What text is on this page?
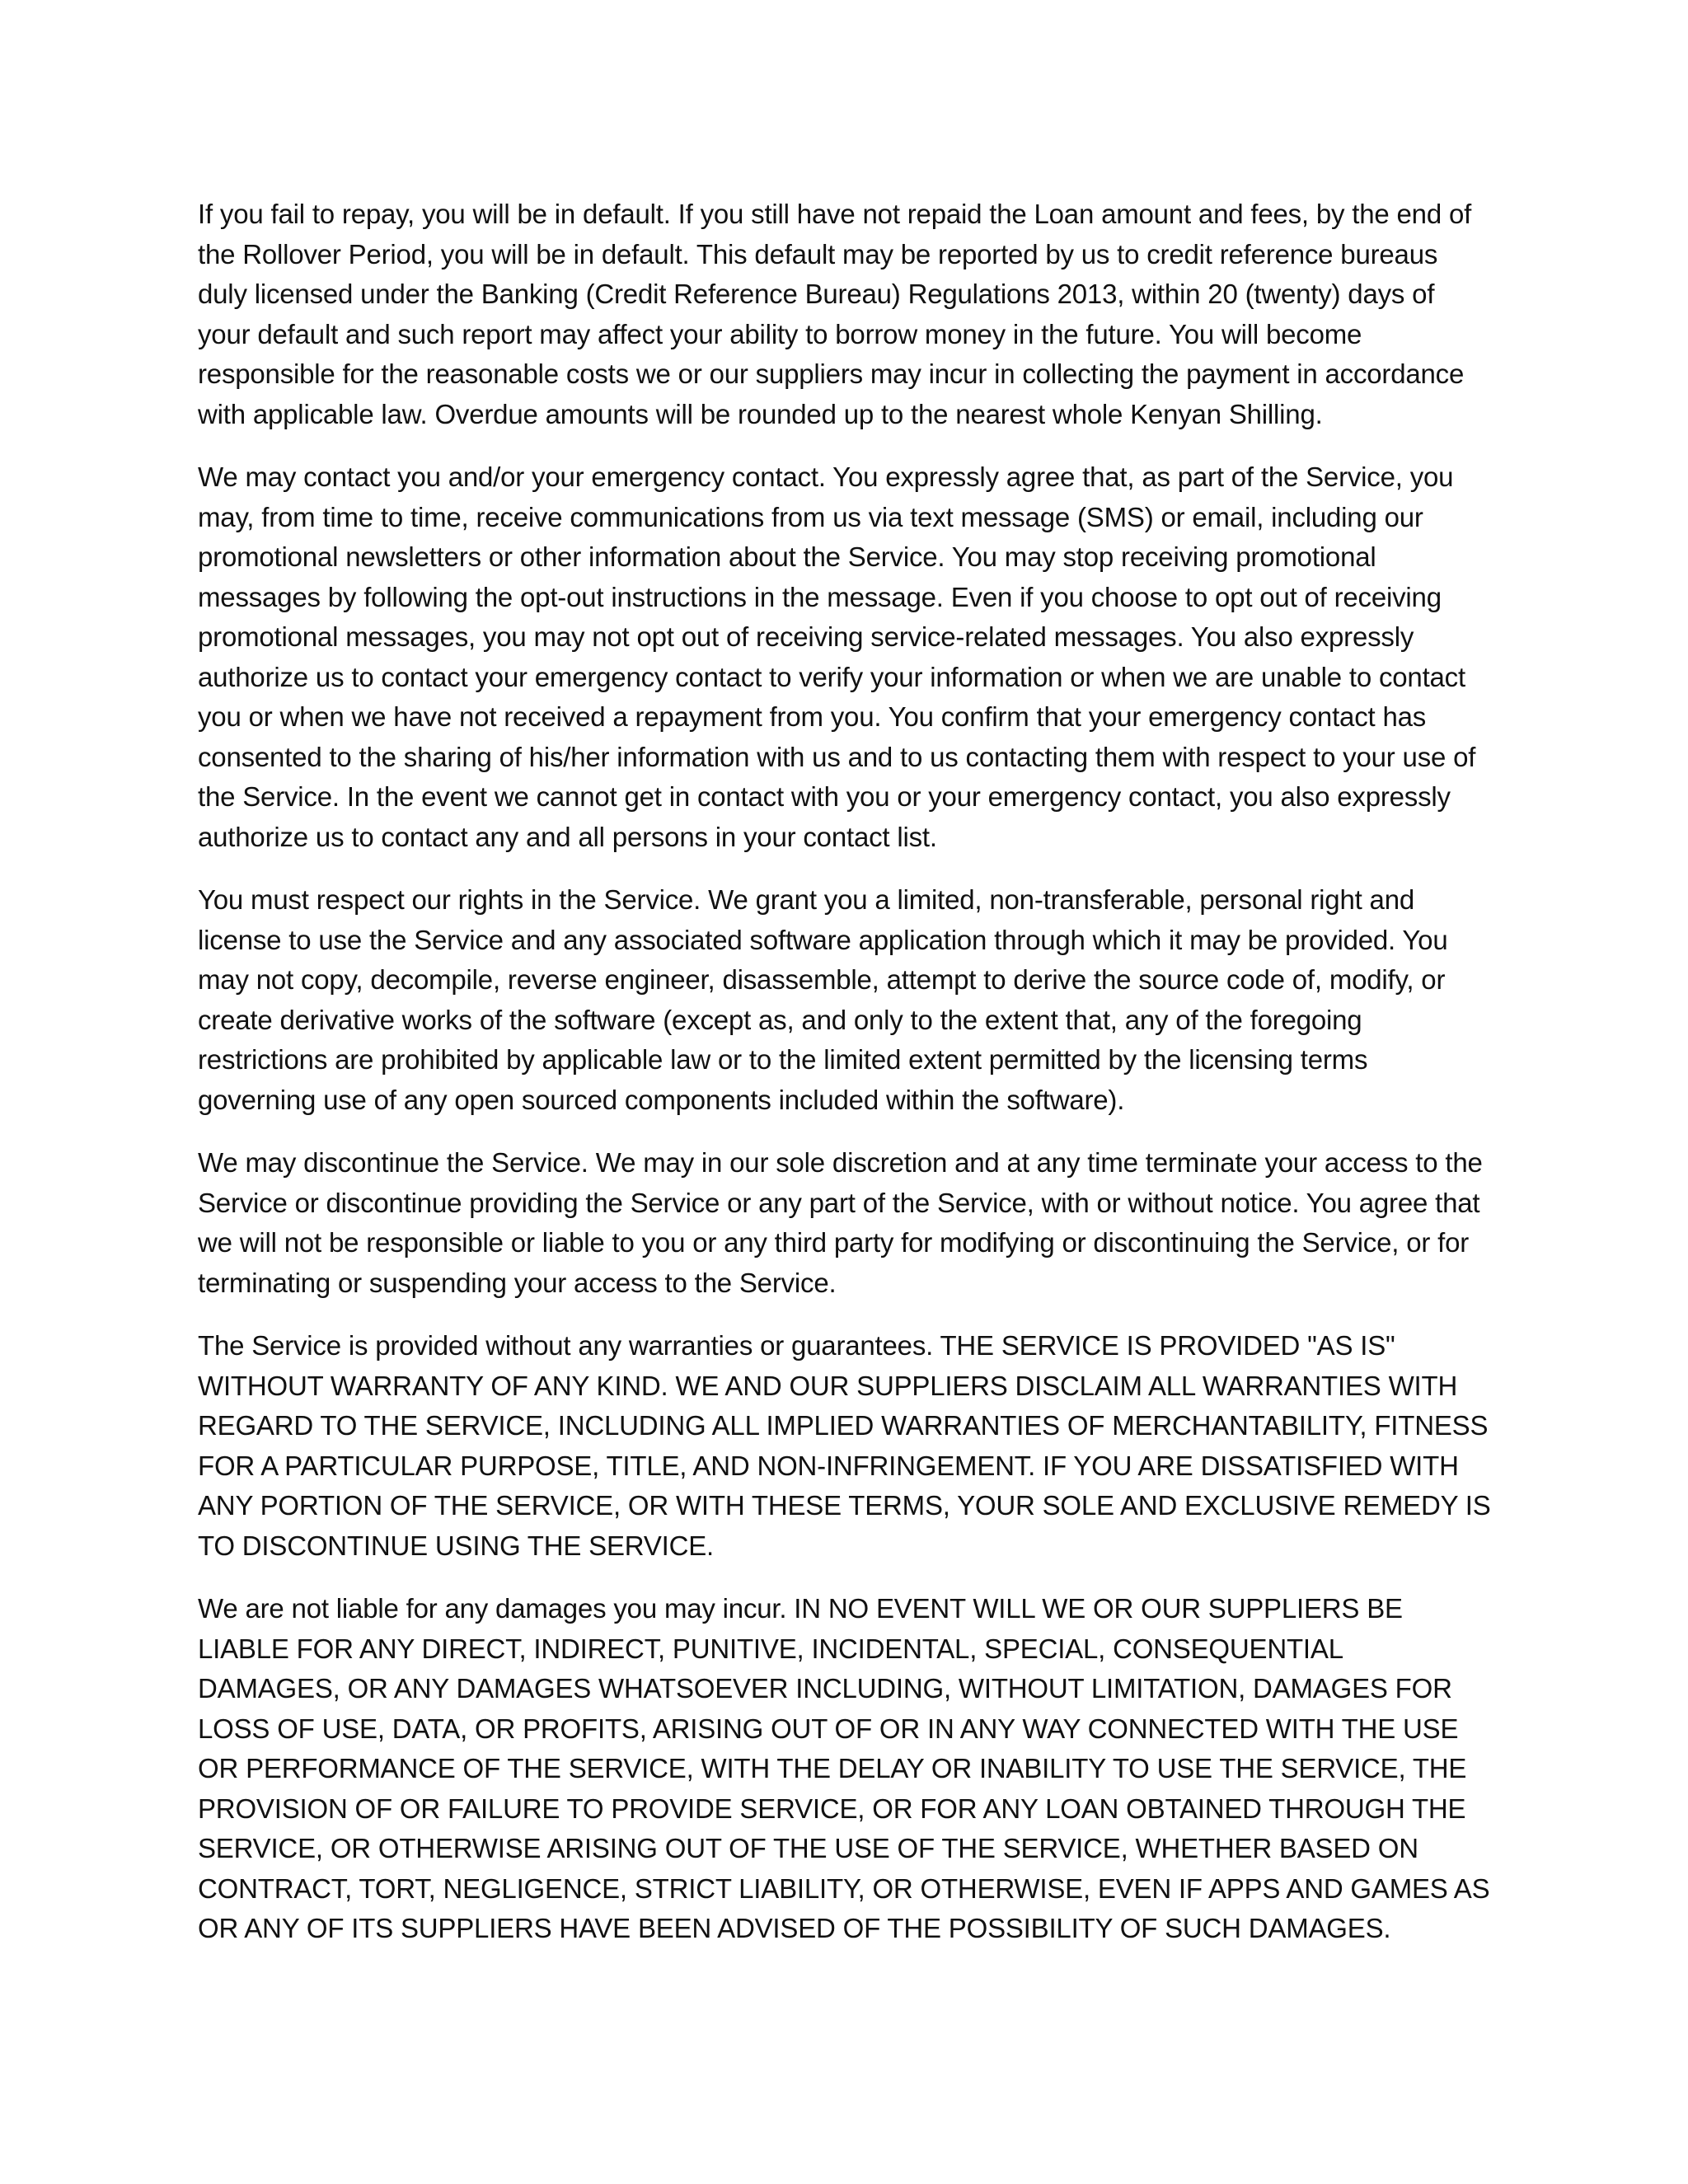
If you fail to repay, you will be in default. If you still have not repaid the Loan amount and fees, by the end of the Rollover Period, you will be in default. This default may be reported by us to credit reference bureaus duly licensed under the Banking (Credit Reference Bureau) Regulations 2013, within 20 (twenty) days of your default and such report may affect your ability to borrow money in the future. You will become responsible for the reasonable costs we or our suppliers may incur in collecting the payment in accordance with applicable law. Overdue amounts will be rounded up to the nearest whole Kenyan Shilling.

We may contact you and/or your emergency contact. You expressly agree that, as part of the Service, you may, from time to time, receive communications from us via text message (SMS) or email, including our promotional newsletters or other information about the Service. You may stop receiving promotional messages by following the opt-out instructions in the message. Even if you choose to opt out of receiving promotional messages, you may not opt out of receiving service-related messages. You also expressly authorize us to contact your emergency contact to verify your information or when we are unable to contact you or when we have not received a repayment from you. You confirm that your emergency contact has consented to the sharing of his/her information with us and to us contacting them with respect to your use of the Service. In the event we cannot get in contact with you or your emergency contact, you also expressly authorize us to contact any and all persons in your contact list.

You must respect our rights in the Service. We grant you a limited, non-transferable, personal right and license to use the Service and any associated software application through which it may be provided. You may not copy, decompile, reverse engineer, disassemble, attempt to derive the source code of, modify, or create derivative works of the software (except as, and only to the extent that, any of the foregoing restrictions are prohibited by applicable law or to the limited extent permitted by the licensing terms governing use of any open sourced components included within the software).

We may discontinue the Service. We may in our sole discretion and at any time terminate your access to the Service or discontinue providing the Service or any part of the Service, with or without notice. You agree that we will not be responsible or liable to you or any third party for modifying or discontinuing the Service, or for terminating or suspending your access to the Service.

The Service is provided without any warranties or guarantees. THE SERVICE IS PROVIDED "AS IS" WITHOUT WARRANTY OF ANY KIND. WE AND OUR SUPPLIERS DISCLAIM ALL WARRANTIES WITH REGARD TO THE SERVICE, INCLUDING ALL IMPLIED WARRANTIES OF MERCHANTABILITY, FITNESS FOR A PARTICULAR PURPOSE, TITLE, AND NON-INFRINGEMENT. IF YOU ARE DISSATISFIED WITH ANY PORTION OF THE SERVICE, OR WITH THESE TERMS, YOUR SOLE AND EXCLUSIVE REMEDY IS TO DISCONTINUE USING THE SERVICE.

We are not liable for any damages you may incur. IN NO EVENT WILL WE OR OUR SUPPLIERS BE LIABLE FOR ANY DIRECT, INDIRECT, PUNITIVE, INCIDENTAL, SPECIAL, CONSEQUENTIAL DAMAGES, OR ANY DAMAGES WHATSOEVER INCLUDING, WITHOUT LIMITATION, DAMAGES FOR LOSS OF USE, DATA, OR PROFITS, ARISING OUT OF OR IN ANY WAY CONNECTED WITH THE USE OR PERFORMANCE OF THE SERVICE, WITH THE DELAY OR INABILITY TO USE THE SERVICE, THE PROVISION OF OR FAILURE TO PROVIDE SERVICE, OR FOR ANY LOAN OBTAINED THROUGH THE SERVICE, OR OTHERWISE ARISING OUT OF THE USE OF THE SERVICE, WHETHER BASED ON CONTRACT, TORT, NEGLIGENCE, STRICT LIABILITY, OR OTHERWISE, EVEN IF APPS AND GAMES AS OR ANY OF ITS SUPPLIERS HAVE BEEN ADVISED OF THE POSSIBILITY OF SUCH DAMAGES.
